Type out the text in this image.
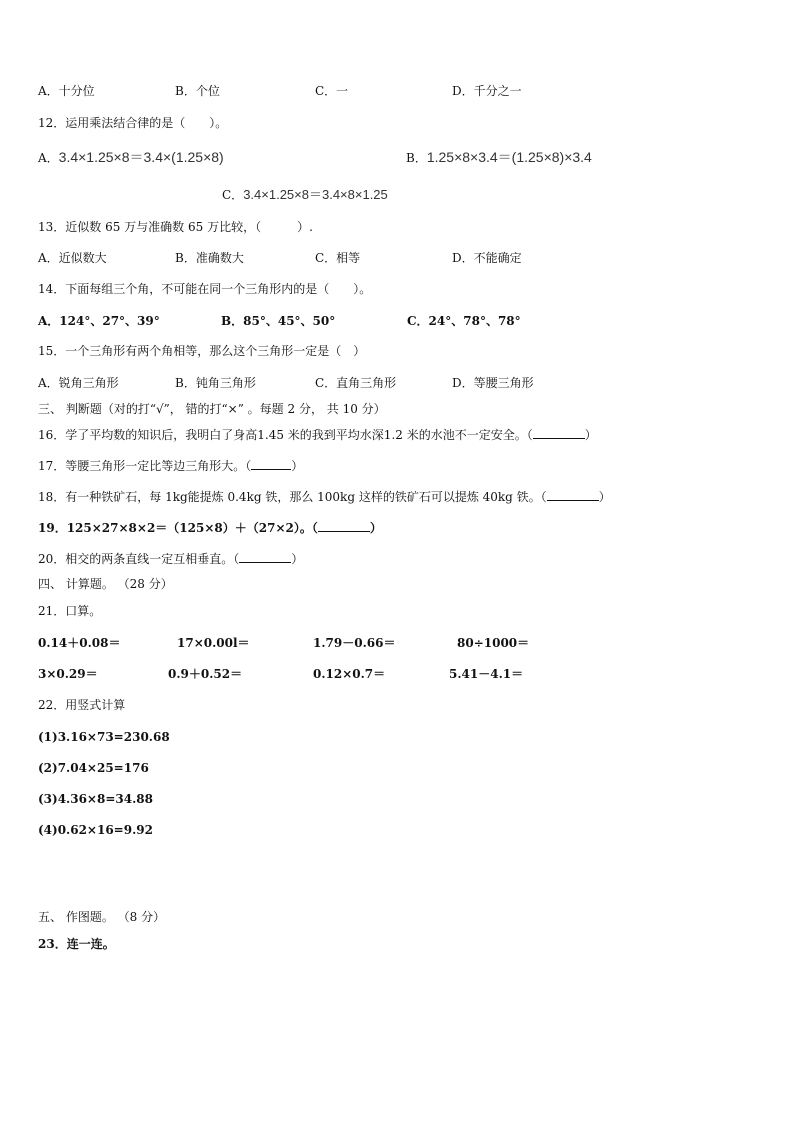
A．十分位	B．个位	C．一	D．千分之一
12．运用乘法结合律的是（　　）。
A．3.4×1.25×8＝3.4×(1.25×8)	B．1.25×8×3.4＝(1.25×8)×3.4
C．3.4×1.25×8＝3.4×8×1.25
13．近似数 65 万与准确数 65 万比较，（　　　）.
A．近似数大	B．准确数大	C．相等	D．不能确定
14．下面每组三个角，不可能在同一个三角形内的是（　　）。
A．124°、27°、39°	B．85°、45°、50°	C．24°、78°、78°
15．一个三角形有两个角相等，那么这个三角形一定是（　）
A．锐角三角形	B．钝角三角形	C．直角三角形	D．等腰三角形
三、 判断题（对的打“√”， 错的打“×” 。每题 2 分， 共 10 分）
16．学了平均数的知识后，我明白了身高1.45 米的我到平均水深1.2 米的水池不一定安全。（	）
17．等腰三角形一定比等边三角形大。（	）
18．有一种铁矿石，每 1kg能提炼 0.4kg 铁，那么 100kg 这样的铁矿石可以提炼 40kg 铁。（	）
19．125×27×8×2＝（125×8）＋（27×2）。（	）
20．相交的两条直线一定互相垂直。（	）
四、 计算题。 （28 分）
21．口算。
0.14＋0.08＝	17×0.00l＝	1.79－0.66＝	80÷1000＝
3×0.29＝	0.9＋0.52＝	0.12×0.7＝	5.41－4.1＝
22．用竖式计算
(1)3.16×73=230.68
(2)7.04×25=176
(3)4.36×8=34.88
(4)0.62×16=9.92
五、 作图题。 （8 分）
23．连一连。
